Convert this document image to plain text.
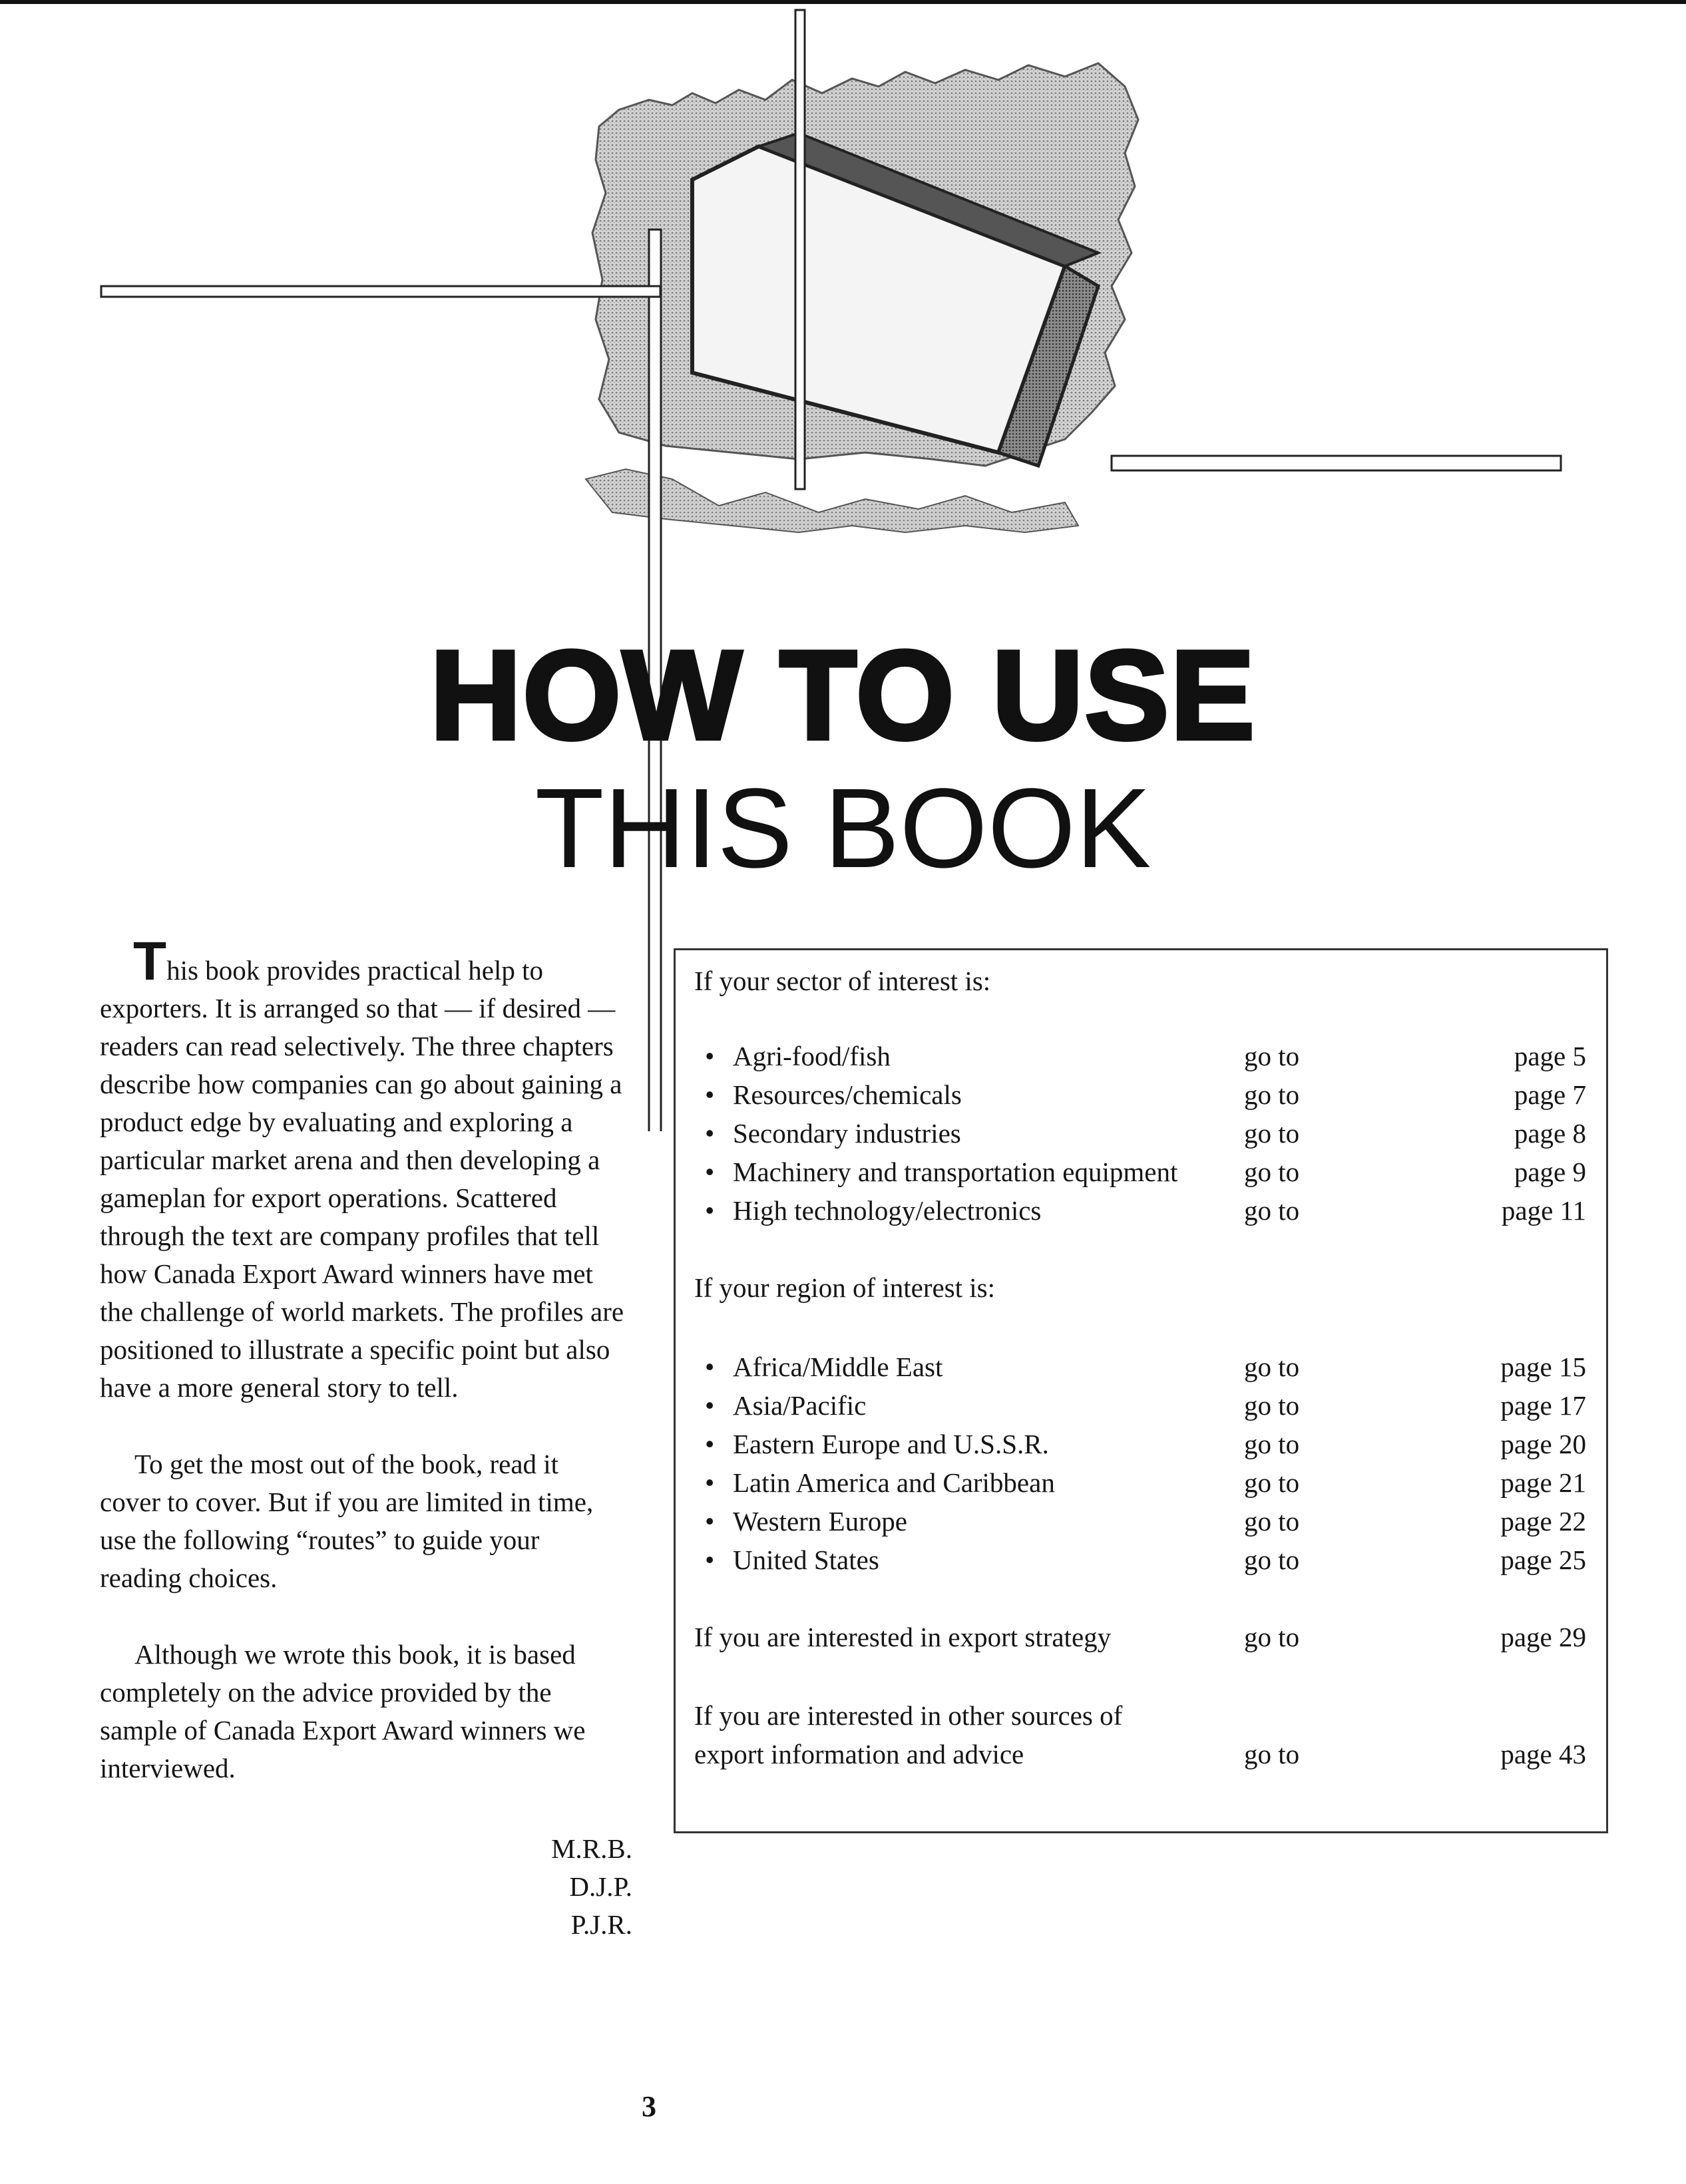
HOW TO USE
THIS BOOK

This book provides practical help to exporters. It is arranged so that — if desired — readers can read selectively. The three chapters describe how companies can go about gaining a product edge by evaluating and exploring a particular market arena and then developing a gameplan for export operations. Scattered through the text are company profiles that tell how Canada Export Award winners have met the challenge of world markets. The profiles are positioned to illustrate a specific point but also have a more general story to tell.

To get the most out of the book, read it cover to cover. But if you are limited in time, use the following “routes” to guide your reading choices.

Although we wrote this book, it is based completely on the advice provided by the sample of Canada Export Award winners we interviewed.

M.R.B.
D.J.P.
P.J.R.
If your sector of interest is:
• Agri-food/fish	go to	page 5
• Resources/chemicals	go to	page 7
• Secondary industries	go to	page 8
• Machinery and transportation equipment go to	page 9
• High technology/electronics	go to	page 11
If your region of interest is:
• Africa/Middle East	go to	page 15
• Asia/Pacific	go to	page 17
• Eastern Europe and U.S.S.R.	go to	page 20
• Latin America and Caribbean	go to	page 21
• Western Europe	go to	page 22
• United States	go to	page 25
If you are interested in export strategy	go to	page 29
If you are interested in other sources of
export information and advice	go to	page 43
3
